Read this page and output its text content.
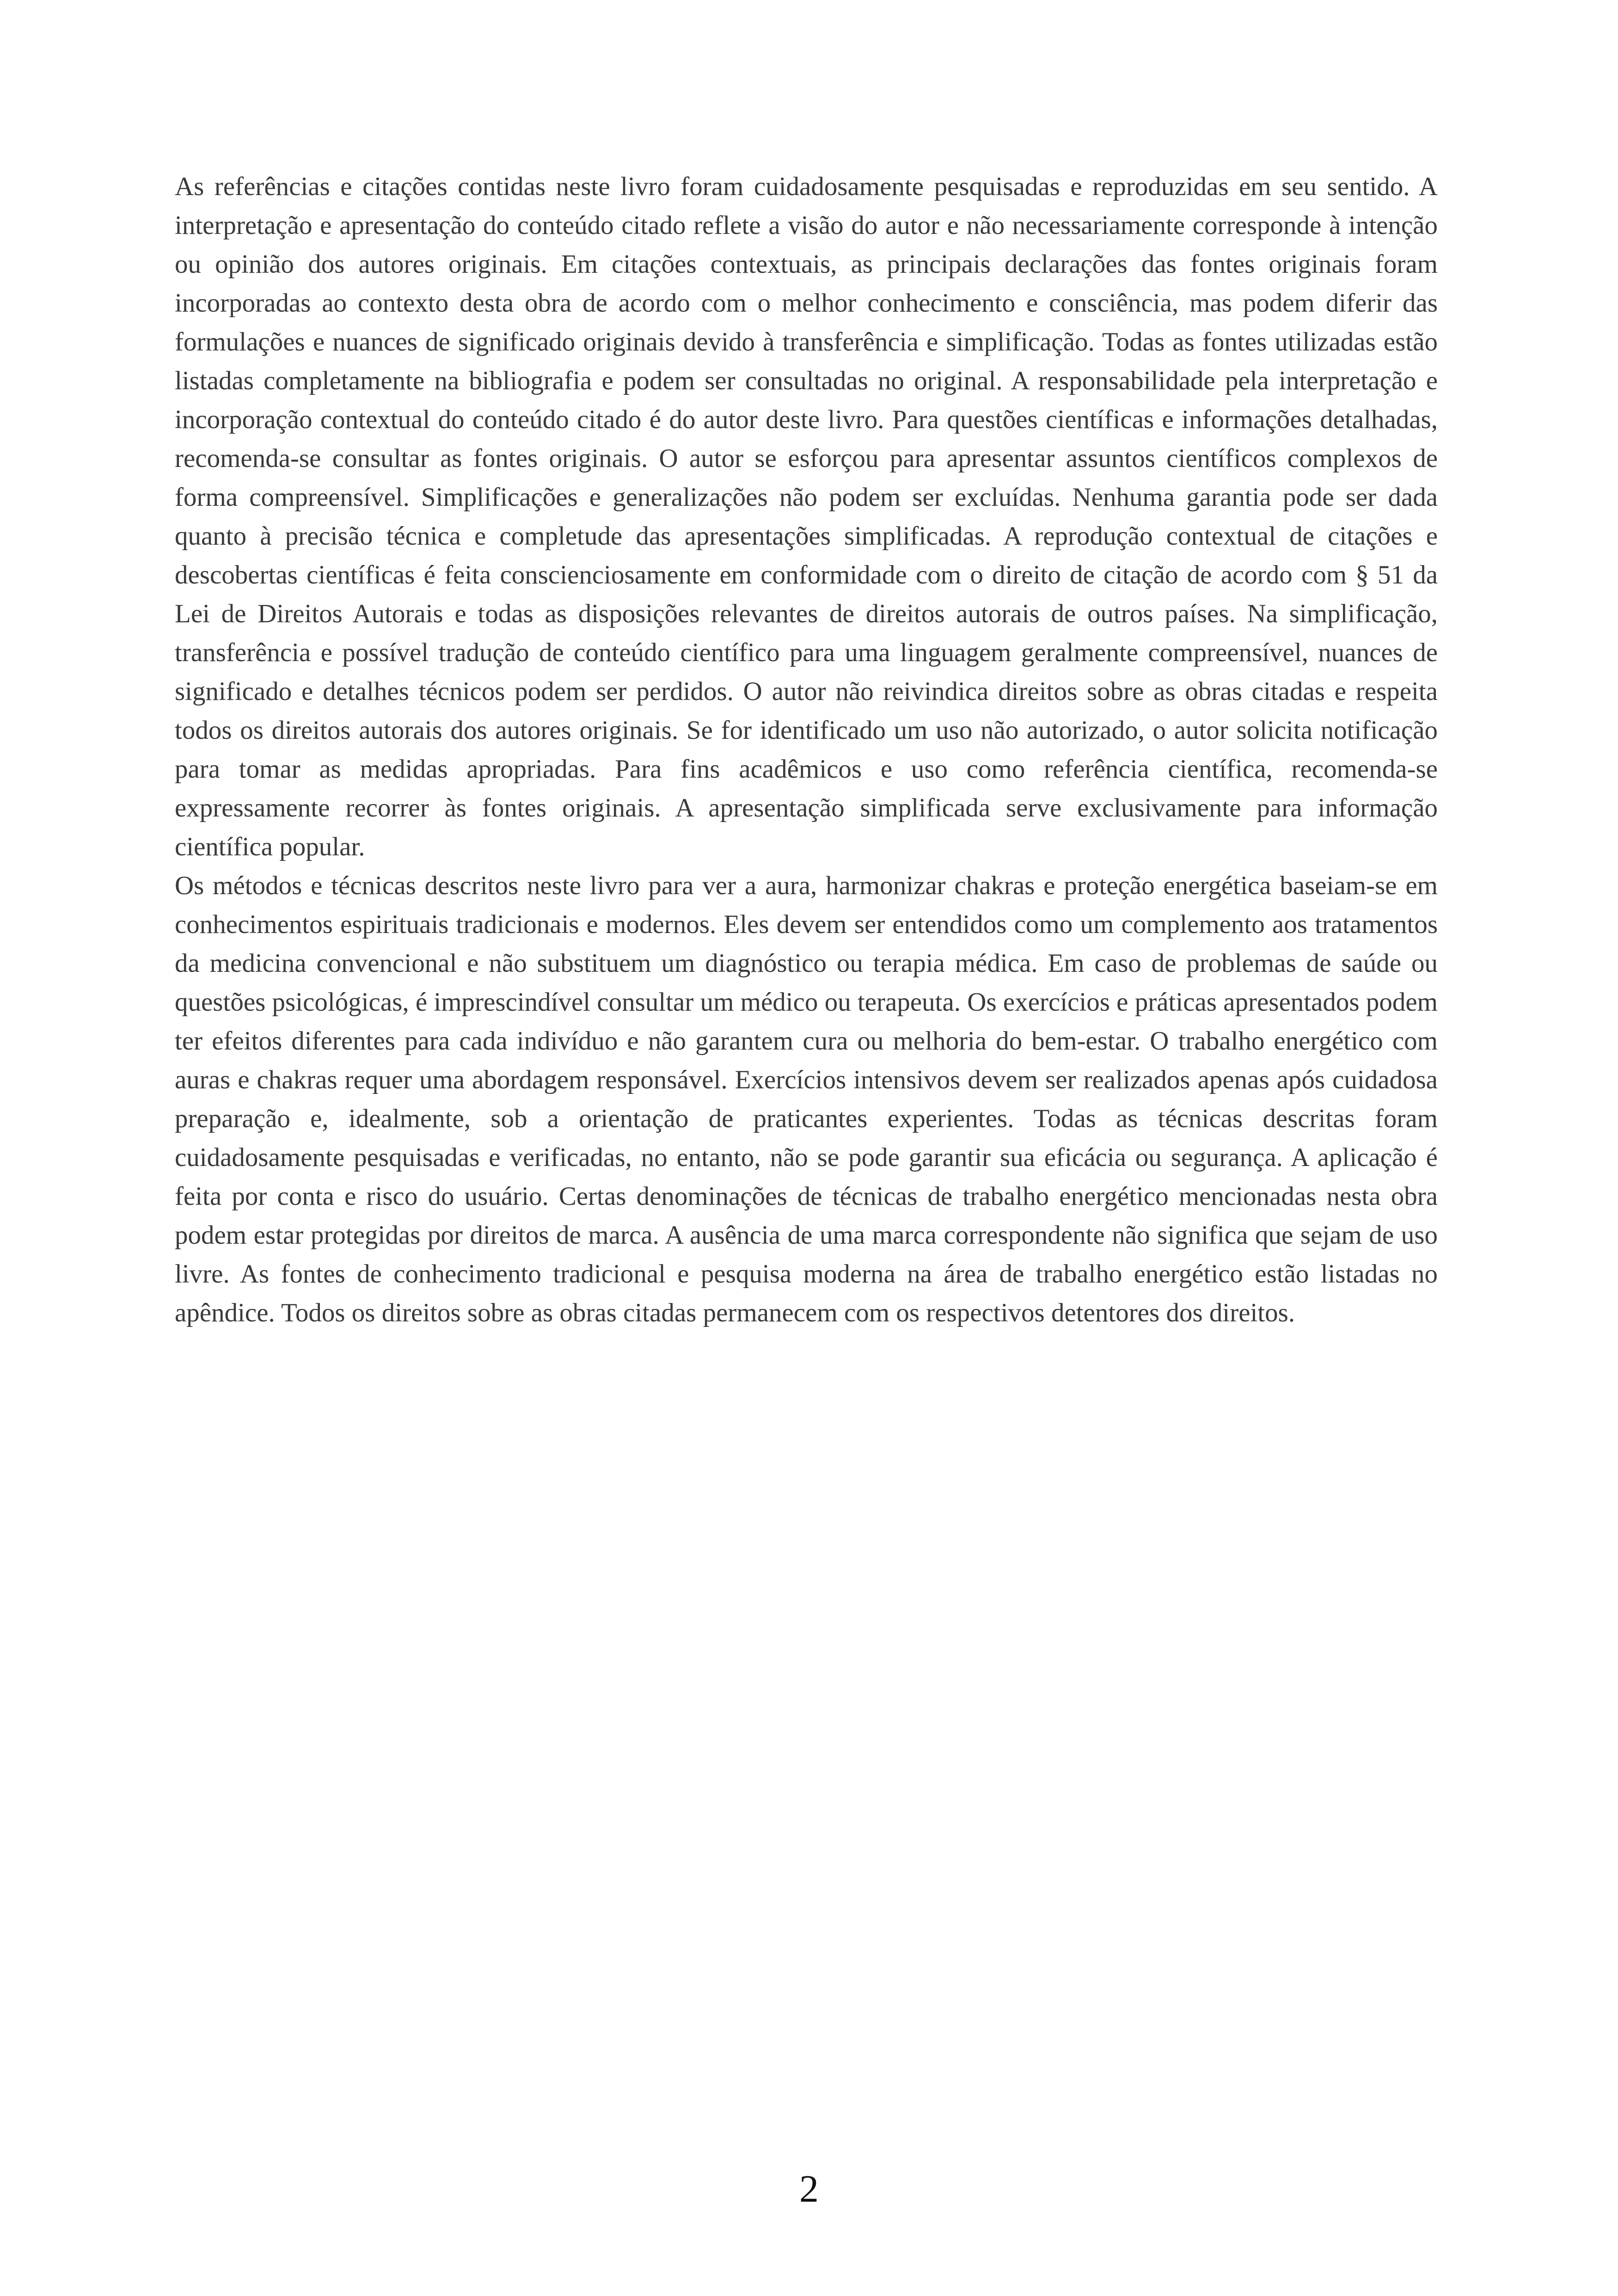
As referências e citações contidas neste livro foram cuidadosamente pesquisadas e reproduzidas em seu sentido. A interpretação e apresentação do conteúdo citado reflete a visão do autor e não necessariamente corresponde à intenção ou opinião dos autores originais. Em citações contextuais, as principais declarações das fontes originais foram incorporadas ao contexto desta obra de acordo com o melhor conhecimento e consciência, mas podem diferir das formulações e nuances de significado originais devido à transferência e simplificação. Todas as fontes utilizadas estão listadas completamente na bibliografia e podem ser consultadas no original. A responsabilidade pela interpretação e incorporação contextual do conteúdo citado é do autor deste livro. Para questões científicas e informações detalhadas, recomenda-se consultar as fontes originais. O autor se esforçou para apresentar assuntos científicos complexos de forma compreensível. Simplificações e generalizações não podem ser excluídas. Nenhuma garantia pode ser dada quanto à precisão técnica e completude das apresentações simplificadas. A reprodução contextual de citações e descobertas científicas é feita conscienciosamente em conformidade com o direito de citação de acordo com § 51 da Lei de Direitos Autorais e todas as disposições relevantes de direitos autorais de outros países. Na simplificação, transferência e possível tradução de conteúdo científico para uma linguagem geralmente compreensível, nuances de significado e detalhes técnicos podem ser perdidos. O autor não reivindica direitos sobre as obras citadas e respeita todos os direitos autorais dos autores originais. Se for identificado um uso não autorizado, o autor solicita notificação para tomar as medidas apropriadas. Para fins acadêmicos e uso como referência científica, recomenda-se expressamente recorrer às fontes originais. A apresentação simplificada serve exclusivamente para informação científica popular.

Os métodos e técnicas descritos neste livro para ver a aura, harmonizar chakras e proteção energética baseiam-se em conhecimentos espirituais tradicionais e modernos. Eles devem ser entendidos como um complemento aos tratamentos da medicina convencional e não substituem um diagnóstico ou terapia médica. Em caso de problemas de saúde ou questões psicológicas, é imprescindível consultar um médico ou terapeuta. Os exercícios e práticas apresentados podem ter efeitos diferentes para cada indivíduo e não garantem cura ou melhoria do bem-estar. O trabalho energético com auras e chakras requer uma abordagem responsável. Exercícios intensivos devem ser realizados apenas após cuidadosa preparação e, idealmente, sob a orientação de praticantes experientes. Todas as técnicas descritas foram cuidadosamente pesquisadas e verificadas, no entanto, não se pode garantir sua eficácia ou segurança. A aplicação é feita por conta e risco do usuário. Certas denominações de técnicas de trabalho energético mencionadas nesta obra podem estar protegidas por direitos de marca. A ausência de uma marca correspondente não significa que sejam de uso livre. As fontes de conhecimento tradicional e pesquisa moderna na área de trabalho energético estão listadas no apêndice. Todos os direitos sobre as obras citadas permanecem com os respectivos detentores dos direitos.

2
